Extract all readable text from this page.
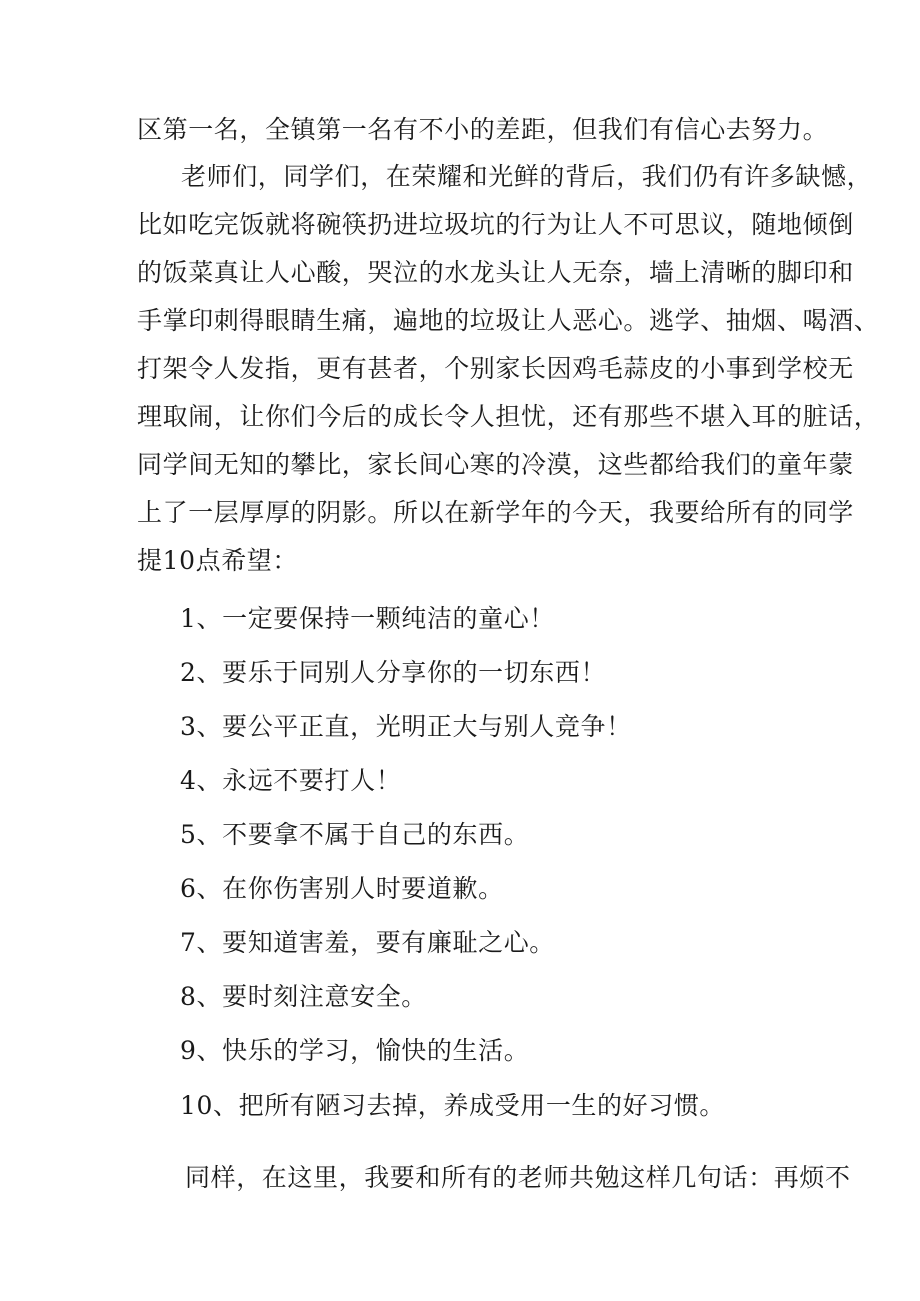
区第一名，全镇第一名有不小的差距，但我们有信心去努力。
老师们，同学们，在荣耀和光鲜的背后，我们仍有许多缺憾，
比如吃完饭就将碗筷扔进垃圾坑的行为让人不可思议，随地倾倒
的饭菜真让人心酸，哭泣的水龙头让人无奈，墙上清晰的脚印和
手掌印刺得眼睛生痛，遍地的垃圾让人恶心。逃学、抽烟、喝酒、
打架令人发指，更有甚者，个别家长因鸡毛蒜皮的小事到学校无
理取闹，让你们今后的成长令人担忧，还有那些不堪入耳的脏话，
同学间无知的攀比，家长间心寒的冷漠，这些都给我们的童年蒙
上了一层厚厚的阴影。所以在新学年的今天，我要给所有的同学
提10点希望：
1、一定要保持一颗纯洁的童心！
2、要乐于同别人分享你的一切东西！
3、要公平正直，光明正大与别人竞争！
4、永远不要打人！
5、不要拿不属于自己的东西。
6、在你伤害别人时要道歉。
7、要知道害羞，要有廉耻之心。
8、要时刻注意安全。
9、快乐的学习，愉快的生活。
10、把所有陋习去掉，养成受用一生的好习惯。
同样，在这里，我要和所有的老师共勉这样几句话：再烦不
